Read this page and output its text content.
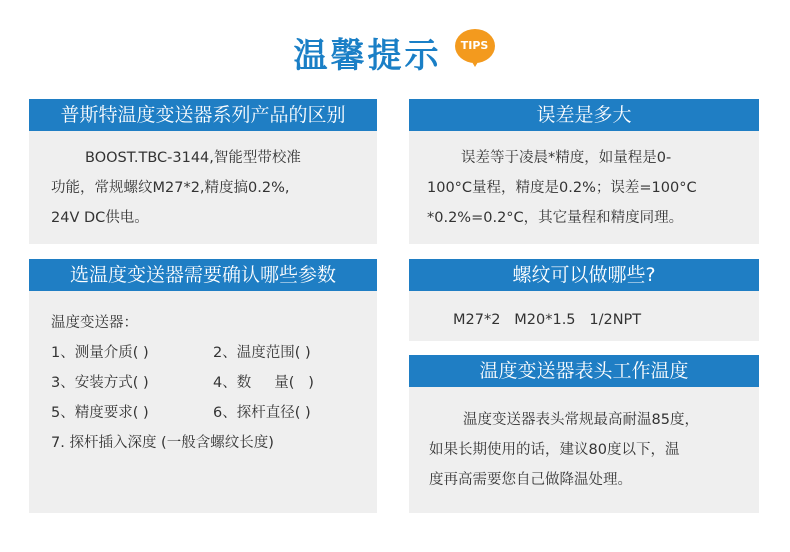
温馨提示	TIPS
普斯特温度变送器系列产品的区别

BOOST.TBC-3144,智能型带校准

功能，常规螺纹M27*2,精度搞0.2%,

24V DC供电。

误差是多大

误差等于凌晨*精度，如量程是0-

100°C量程，精度是0.2%；误差=100°C

*0.2%=0.2°C，其它量程和精度同理。

选温度变送器需要确认哪些参数

温度变送器：

1、测量介质( )	2、温度范围( )
3、安装方式( )	4、数     量(   )
5、精度要求( )	6、探杆直径( )

7. 探杆插入深度 (一般含螺纹长度)

螺纹可以做哪些?

M27*2   M20*1.5   1/2NPT

温度变送器表头工作温度

温度变送器表头常规最高耐温85度，

如果长期使用的话，建议80度以下，温

度再高需要您自己做降温处理。
